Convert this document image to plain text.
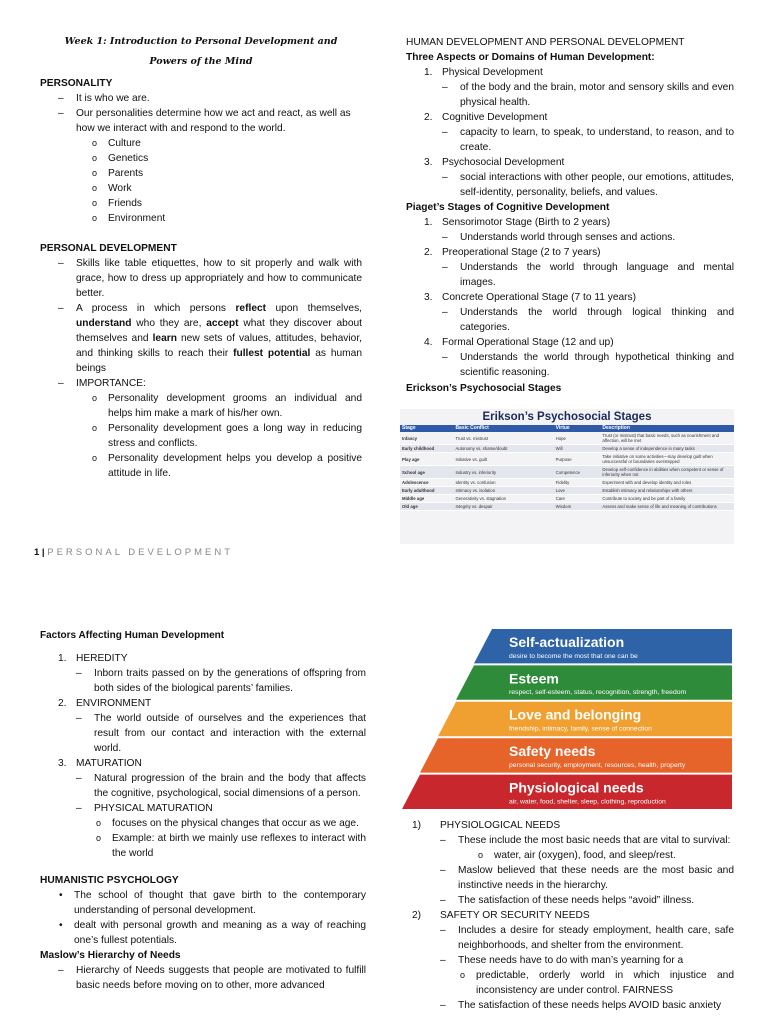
Week 1: Introduction to Personal Development and
Powers of the Mind
PERSONALITY
– It is who we are.
– Our personalities determine how we act and react, as well as how we interact with and respond to the world.
o Culture
o Genetics
o Parents
o Work
o Friends
o Environment
PERSONAL DEVELOPMENT
– Skills like table etiquettes, how to sit properly and walk with grace, how to dress up appropriately and how to communicate better.
– A process in which persons reflect upon themselves, understand who they are, accept what they discover about themselves and learn new sets of values, attitudes, behavior, and thinking skills to reach their fullest potential as human beings
– IMPORTANCE:
o Personality development grooms an individual and helps him make a mark of his/her own.
o Personality development goes a long way in reducing stress and conflicts.
o Personality development helps you develop a positive attitude in life.
HUMAN DEVELOPMENT AND PERSONAL DEVELOPMENT
Three Aspects or Domains of Human Development:
1. Physical Development
– of the body and the brain, motor and sensory skills and even physical health.
2. Cognitive Development
– capacity to learn, to speak, to understand, to reason, and to create.
3. Psychosocial Development
– social interactions with other people, our emotions, attitudes, self-identity, personality, beliefs, and values.
Piaget’s Stages of Cognitive Development
1. Sensorimotor Stage (Birth to 2 years)
– Understands world through senses and actions.
2. Preoperational Stage (2 to 7 years)
– Understands the world through language and mental images.
3. Concrete Operational Stage (7 to 11 years)
– Understands the world through logical thinking and categories.
4. Formal Operational Stage (12 and up)
– Understands the world through hypothetical thinking and scientific reasoning.
Erickson’s Psychosocial Stages
Erikson’s Psychosocial Stages
Stage	Basic Conflict	Virtue	Description
Infancy	Trust vs. mistrust	Hope	Trust (or mistrust) that basic needs, such as nourishment and affection, will be met
Early childhood	Autonomy vs. shame/doubt	Will	Develop a sense of independence in many tasks
Play age	Initiative vs. guilt	Purpose	Take initiative on some activities—may develop guilt when unsuccessful or boundaries overstepped
School age	Industry vs. inferiority	Competence	Develop self-confidence in abilities when competent or sense of inferiority when not
Adolescence	Identity vs. confusion	Fidelity	Experiment with and develop identity and roles
Early adulthood	Intimacy vs. isolation	Love	Establish intimacy and relationships with others
Middle age	Generativity vs. stagnation	Care	Contribute to society and be part of a family
Old age	Integrity vs. despair	Wisdom	Assess and make sense of life and meaning of contributions
1 | PERSONAL DEVELOPMENT
Factors Affecting Human Development
1. HEREDITY
– Inborn traits passed on by the generations of offspring from both sides of the biological parents’ families.
2. ENVIRONMENT
– The world outside of ourselves and the experiences that result from our contact and interaction with the external world.
3. MATURATION
– Natural progression of the brain and the body that affects the cognitive, psychological, social dimensions of a person.
– PHYSICAL MATURATION
o focuses on the physical changes that occur as we age.
o Example: at birth we mainly use reflexes to interact with the world
HUMANISTIC PSYCHOLOGY
• The school of thought that gave birth to the contemporary understanding of personal development.
• dealt with personal growth and meaning as a way of reaching one’s fullest potentials.
Maslow’s Hierarchy of Needs
– Hierarchy of Needs suggests that people are motivated to fulfill basic needs before moving on to other, more advanced
Self-actualization
desire to become the most that one can be
Esteem
respect, self-esteem, status, recognition, strength, freedom
Love and belonging
friendship, intimacy, family, sense of connection
Safety needs
personal security, employment, resources, health, property
Physiological needs
air, water, food, shelter, sleep, clothing, reproduction
1) PHYSIOLOGICAL NEEDS
– These include the most basic needs that are vital to survival:
o water, air (oxygen), food, and sleep/rest.
– Maslow believed that these needs are the most basic and instinctive needs in the hierarchy.
– The satisfaction of these needs helps “avoid” illness.
2) SAFETY OR SECURITY NEEDS
– Includes a desire for steady employment, health care, safe neighborhoods, and shelter from the environment.
– These needs have to do with man’s yearning for a
o predictable, orderly world in which injustice and inconsistency are under control. FAIRNESS
– The satisfaction of these needs helps AVOID basic anxiety
